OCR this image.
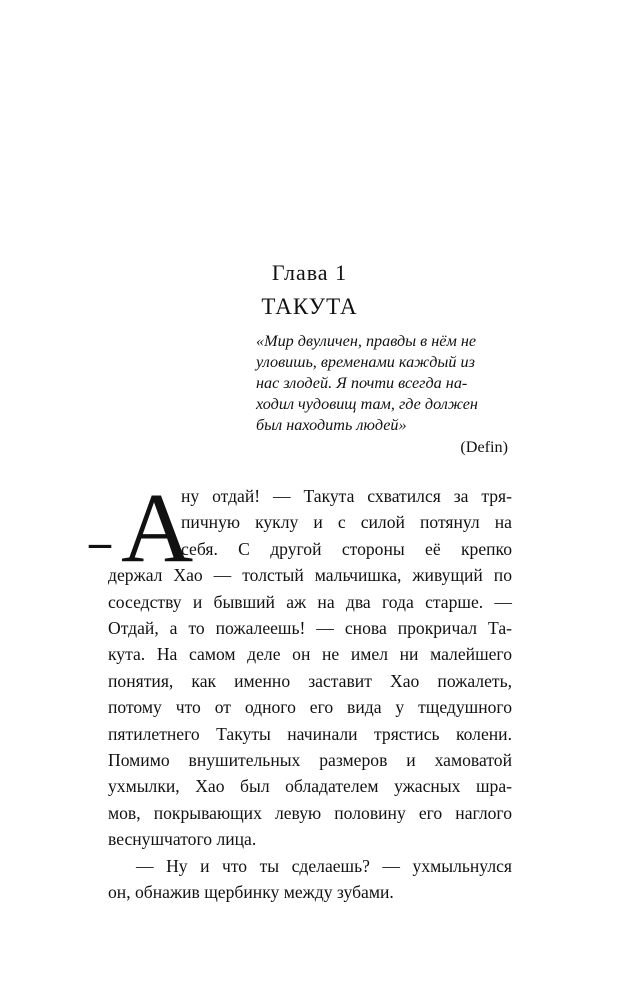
Глава 1
ТАКУТА
«Мир двуличен, правды в нём не
уловишь, временами каждый из
нас злодей. Я почти всегда на-
ходил чудовищ там, где должен
был находить людей»
(Defin)
– А
ну отдай! — Такута схватился за тря-
пичную куклу и с силой потянул на
себя. С другой стороны её крепко
держал Хао — толстый мальчишка, живущий по
соседству и бывший аж на два года старше. —
Отдай, а то пожалеешь! — снова прокричал Та-
кута. На самом деле он не имел ни малейшего
понятия, как именно заставит Хао пожалеть,
потому что от одного его вида у тщедушного
пятилетнего Такуты начинали трястись колени.
Помимо внушительных размеров и хамоватой
ухмылки, Хао был обладателем ужасных шра-
мов, покрывающих левую половину его наглого
веснушчатого лица.
— Ну и что ты сделаешь? — ухмыльнулся
он, обнажив щербинку между зубами.
